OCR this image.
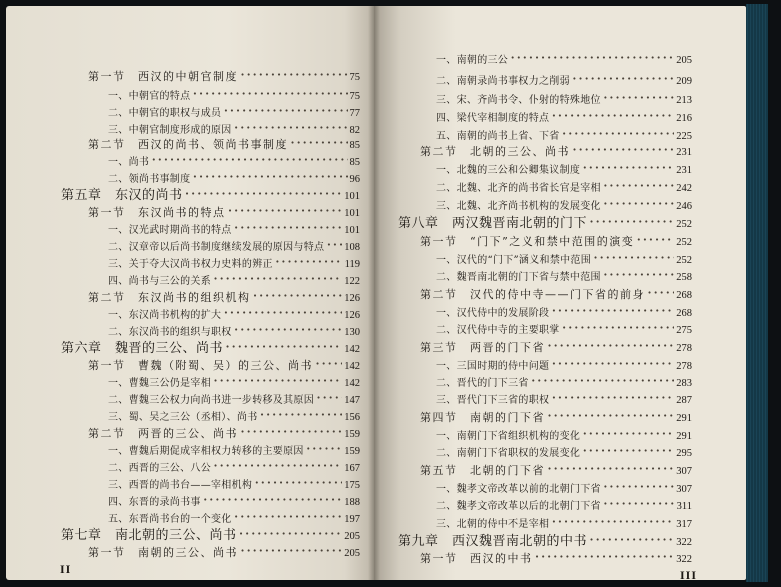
第一节　西汉的中朝官制度 ·····	75
一、中朝官的特点 ·····	75
二、中朝官的职权与成员 ·····	77
三、中朝官制度形成的原因 ·····	82
第二节　西汉的尚书、领尚书事制度 ·····	85
一、尚书 ·····	85
二、领尚书事制度 ·····	96
第五章　东汉的尚书 ·····	101
第一节　东汉尚书的特点 ·····	101
一、汉光武时期尚书的特点 ·····	101
二、汉章帝以后尚书制度继续发展的原因与特点 ····· 108
三、关于夺大汉尚书权力史料的辨正 ·····	119
四、尚书与三公的关系 ·····	122
第二节　东汉尚书的组织机构 ·····	126
一、东汉尚书机构的扩大 ·····	126
二、东汉尚书的组织与职权 ·····	130
第六章　魏晋的三公、尚书 ·····	142
第一节　曹魏（附蜀、吴）的三公、尚书 ·····	142
一、曹魏三公仍是宰相 ·····	142
二、曹魏三公权力向尚书进一步转移及其原因 ·····	147
三、蜀、吴之三公（丞相）、尚书 ·····	156
第二节　两晋的三公、尚书 ·····	159
一、曹魏后期促成宰相权力转移的主要原因 ·····	159
二、西晋的三公、八公 ·····	167
三、西晋的尚书台——宰相机构 ·····	175
四、东晋的录尚书事 ·····	188
五、东晋尚书台的一个变化 ·····	197
第七章　南北朝的三公、尚书 ·····	205
第一节　南朝的三公、尚书 ·····	205
II
一、南朝的三公 ·····	205
二、南朝录尚书事权力之削弱 ·····	209
三、宋、齐尚书令、仆射的特殊地位 ·····	213
四、梁代宰相制度的特点 ·····	216
五、南朝的尚书上省、下省 ·····	225
第二节　北朝的三公、尚书 ·····	231
一、北魏的三公和公卿集议制度 ·····	231
二、北魏、北齐的尚书省长官是宰相 ·····	242
三、北魏、北齐尚书机构的发展变化 ·····	246
第八章　两汉魏晋南北朝的门下 ·····	252
第一节　“门下”之义和禁中范围的演变 ·····	252
一、汉代的“门下”涵义和禁中范围 ·····	252
二、魏晋南北朝的门下省与禁中范围 ·····	258
第二节　汉代的侍中寺——门下省的前身 ·····	268
一、汉代侍中的发展阶段 ·····	268
二、汉代侍中寺的主要职掌 ·····	275
第三节　两晋的门下省 ·····	278
一、三国时期的侍中问题 ·····	278
二、晋代的门下三省 ·····	283
三、晋代门下三省的职权 ·····	287
第四节　南朝的门下省 ·····	291
一、南朝门下省组织机构的变化 ·····	291
二、南朝门下省职权的发展变化 ·····	295
第五节　北朝的门下省 ·····	307
一、魏孝文帝改革以前的北朝门下省 ·····	307
二、魏孝文帝改革以后的北朝门下省 ·····	311
三、北朝的侍中不是宰相 ·····	317
第九章　西汉魏晋南北朝的中书 ·····	322
第一节　西汉的中书 ·····	322
III
